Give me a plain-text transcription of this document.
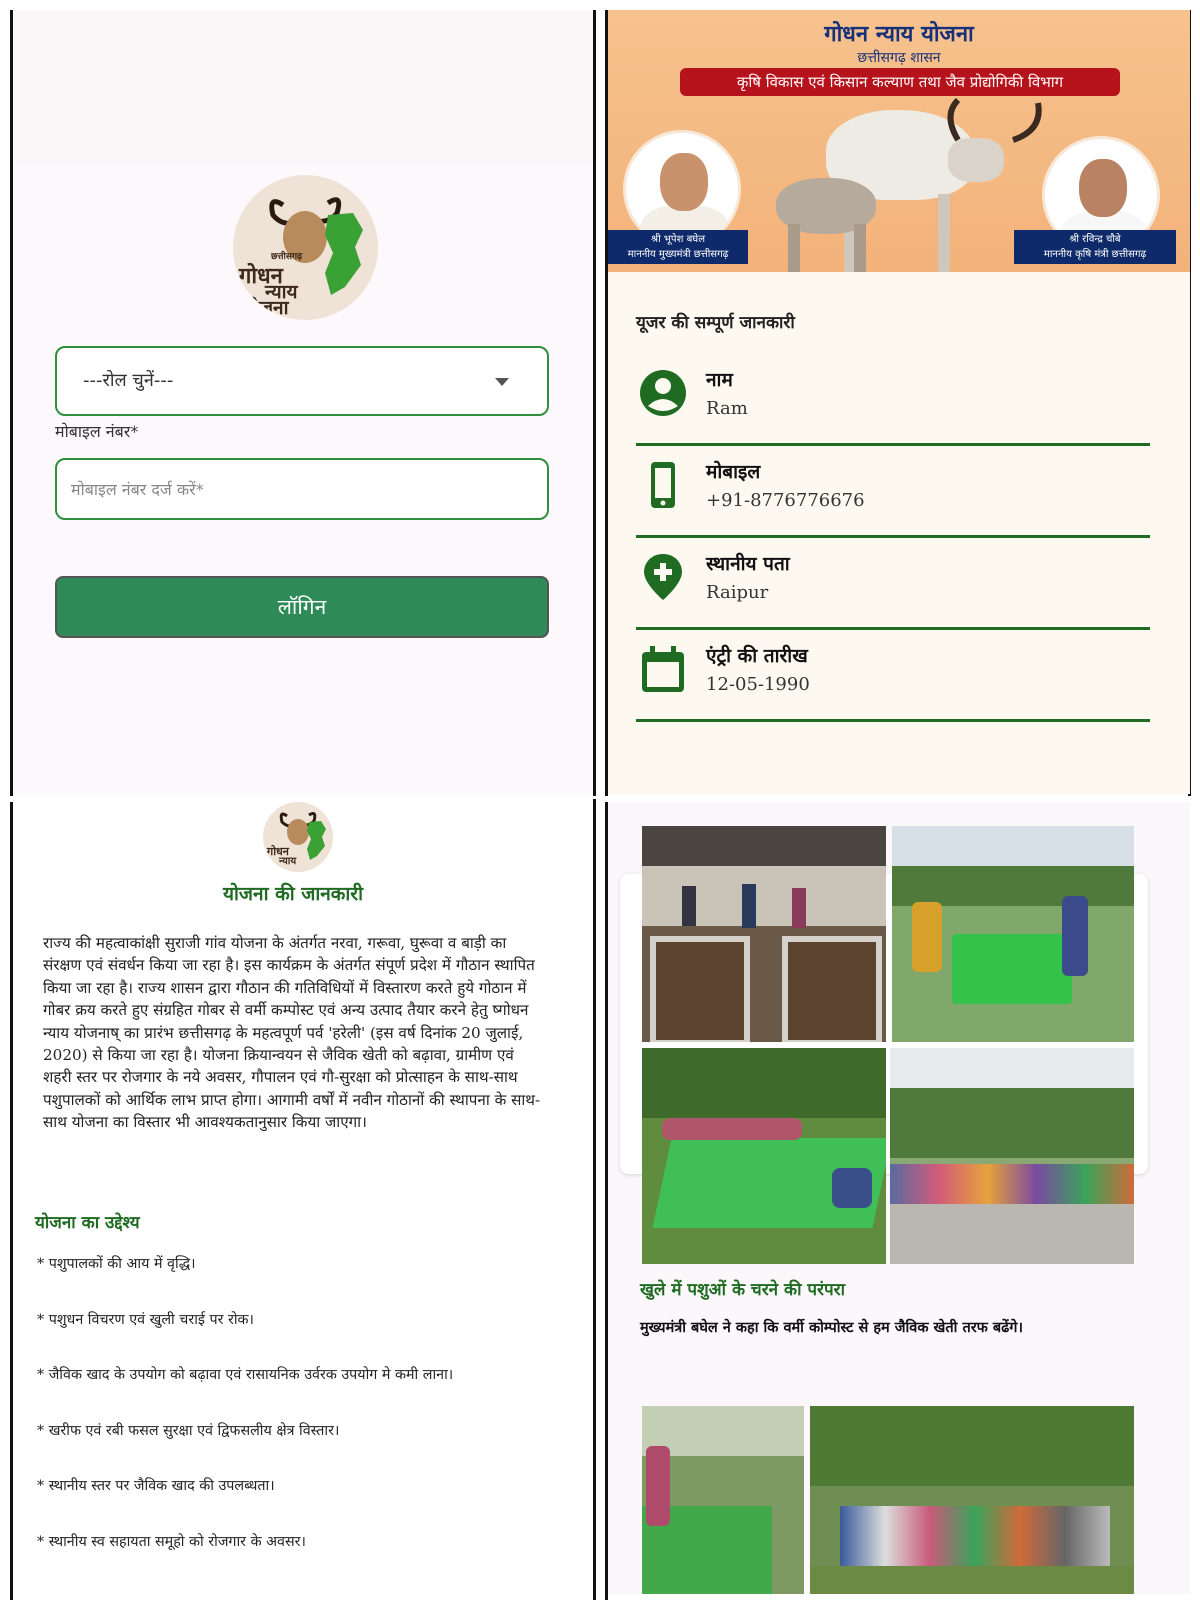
छत्तीसगढ़
गोधन
न्याय
योजना
---रोल चुनें---
मोबाइल नंबर*
मोबाइल नंबर दर्ज करें*
लॉगिन
गोधन न्याय योजना
छत्तीसगढ़ शासन
कृषि विकास एवं किसान कल्याण तथा जैव प्रोद्योगिकी विभाग
श्री भूपेश बघेल
माननीय मुख्यमंत्री छत्तीसगढ़
श्री रविन्द्र चौबे
माननीय कृषि मंत्री छत्तीसगढ़
यूजर की सम्पूर्ण जानकारी
नाम
Ram
मोबाइल
+91-8776776676
स्थानीय पता
Raipur
एंट्री की तारीख
12-05-1990
गोधन
न्याय
योजना की जानकारी

राज्य की महत्वाकांक्षी सुराजी गांव योजना के अंतर्गत नरवा, गरूवा, घुरूवा व बाड़ी का संरक्षण एवं संवर्धन किया जा रहा है। इस कार्यक्रम के अंतर्गत संपूर्ण प्रदेश में गौठान स्थापित किया जा रहा है। राज्य शासन द्वारा गौठान की गतिविधियों में विस्तारण करते हुये गोठान में गोबर क्रय करते हुए संग्रहित गोबर से वर्मी कम्पोस्ट एवं अन्य उत्पाद तैयार करने हेतु ष्गोधन न्याय योजनाष् का प्रारंभ छत्तीसगढ़ के महत्वपूर्ण पर्व 'हरेली' (इस वर्ष दिनांक 20 जुलाई, 2020) से किया जा रहा है। योजना क्रियान्वयन से जैविक खेती को बढ़ावा, ग्रामीण एवं शहरी स्तर पर रोजगार के नये अवसर, गौपालन एवं गौ-सुरक्षा को प्रोत्साहन के साथ-साथ पशुपालकों को आर्थिक लाभ प्राप्त होगा। आगामी वर्षों में नवीन गोठानों की स्थापना के साथ-साथ योजना का विस्तार भी आवश्यकतानुसार किया जाएगा।

योजना का उद्देश्य
* पशुपालकों की आय में वृद्धि।
* पशुधन विचरण एवं खुली चराई पर रोक।
* जैविक खाद के उपयोग को बढ़ावा एवं रासायनिक उर्वरक उपयोग मे कमी लाना।
* खरीफ एवं रबी फसल सुरक्षा एवं द्विफसलीय क्षेत्र विस्तार।
* स्थानीय स्तर पर जैविक खाद की उपलब्धता।
* स्थानीय स्व सहायता समूहो को रोजगार के अवसर।
खुले में पशुओं के चरने की परंपरा
मुख्यमंत्री बघेल ने कहा कि वर्मी कोम्पोस्ट से हम जैविक खेती तरफ बढेंगे।
